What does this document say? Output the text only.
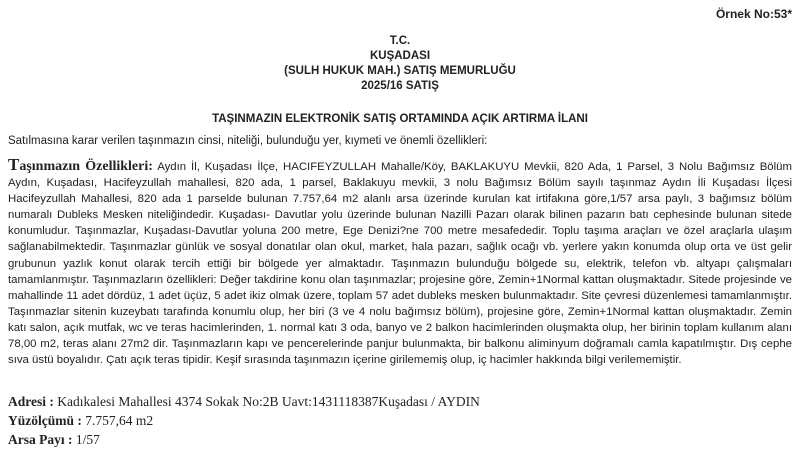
Örnek No:53*
T.C.
KUŞADASI
(SULH HUKUK MAH.) SATIŞ MEMURLUĞU
2025/16 SATIŞ
TAŞINMAZIN ELEKTRONİK SATIŞ ORTAMINDA AÇIK ARTIRMA İLANI
Satılmasına karar verilen taşınmazın cinsi, niteliği, bulunduğu yer, kıymeti ve önemli özellikleri:
Taşınmazın Özellikleri: Aydın İl, Kuşadası İlçe, HACIFEYZULLAH Mahalle/Köy, BAKLAKUYU Mevkii, 820 Ada, 1 Parsel, 3 Nolu Bağımsız Bölüm Aydın, Kuşadası, Hacifeyzullah mahallesi, 820 ada, 1 parsel, Baklakuyu mevkii, 3 nolu Bağımsız Bölüm sayılı taşınmaz Aydın İli Kuşadası İlçesi Hacifeyzullah Mahallesi, 820 ada 1 parselde bulunan 7.757,64 m2 alanlı arsa üzerinde kurulan kat irtifakına göre,1/57 arsa paylı, 3 bağımsız bölüm numaralı Dubleks Mesken niteliğindedir. Kuşadası- Davutlar yolu üzerinde bulunan Nazilli Pazarı olarak bilinen pazarın batı cephesinde bulunan sitede konumludur. Taşınmazlar, Kuşadası-Davutlar yoluna 200 metre, Ege Denizi?ne 700 metre mesafededir. Toplu taşıma araçları ve özel araçlarla ulaşım sağlanabilmektedir. Taşınmazlar günlük ve sosyal donatılar olan okul, market, hala pazarı, sağlık ocağı vb. yerlere yakın konumda olup orta ve üst gelir grubunun yazlık konut olarak tercih ettiği bir bölgede yer almaktadır. Taşınmazın bulunduğu bölgede su, elektrik, telefon vb. altyapı çalışmaları tamamlanmıştır. Taşınmazların özellikleri: Değer takdirine konu olan taşınmazlar; projesine göre, Zemin+1Normal kattan oluşmaktadır. Sitede projesinde ve mahallinde 11 adet dördüz, 1 adet üçüz, 5 adet ikiz olmak üzere, toplam 57 adet dubleks mesken bulunmaktadır. Site çevresi düzenlemesi tamamlanmıştır. Taşınmazlar sitenin kuzeybatı tarafında konumlu olup, her biri (3 ve 4 nolu bağımsız bölüm), projesine göre, Zemin+1Normal kattan oluşmaktadır. Zemin katı salon, açık mutfak, wc ve teras hacimlerinden, 1. normal katı 3 oda, banyo ve 2 balkon hacimlerinden oluşmakta olup, her birinin toplam kullanım alanı 78,00 m2, teras alanı 27m2 dir. Taşınmazların kapı ve pencerelerinde panjur bulunmakta, bir balkonu aliminyum doğramalı camla kapatılmıştır. Dış cephe sıva üstü boyalıdır. Çatı açık teras tipidir. Keşif sırasında taşınmazın içerine girilememiş olup, iç hacimler hakkında bilgi verilememiştir.
Adresi : Kadıkalesi Mahallesi 4374 Sokak No:2B Uavt:1431118387Kuşadası / AYDIN
Yüzölçümü : 7.757,64 m2
Arsa Payı : 1/57
